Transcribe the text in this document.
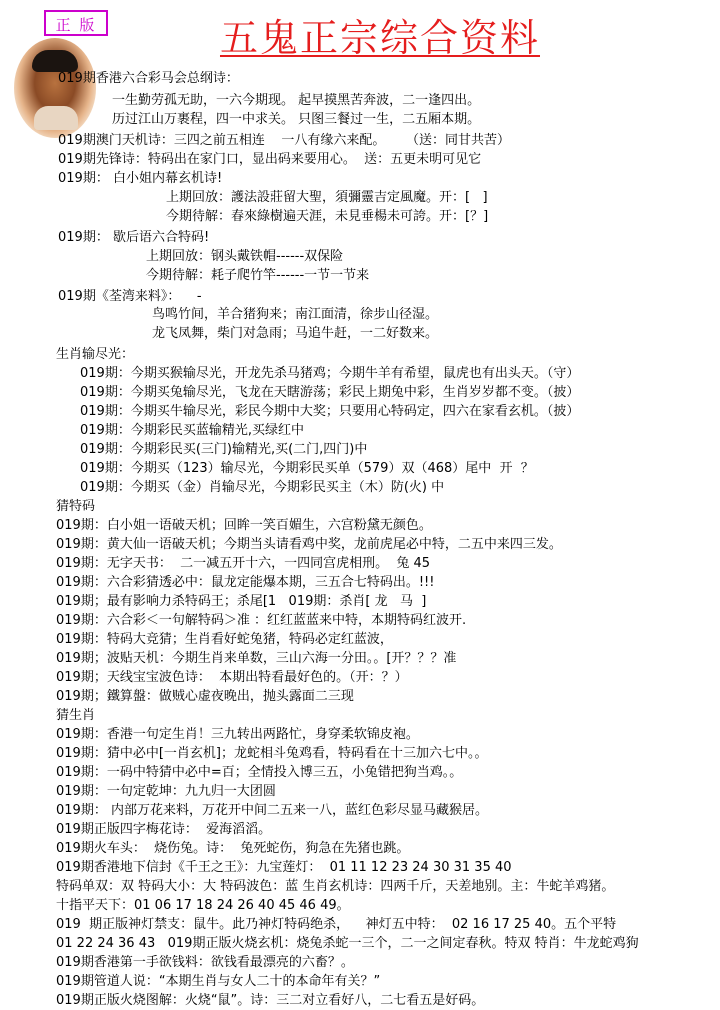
正 版	五鬼正宗综合资料
019期香港六合彩马会总纲诗：
一生勤劳孤无助，一六今期现。 起早摸黑苦奔波，二一逢四出。
历过江山万裹程，四一中求关。 只图三餐过一生，二五厢本期。
019期澳门天机诗：三四之前五相连    一八有缘六来配。     （送：同甘共苦）
019期先锋诗：特码出在家门口，显出码来要用心。  送：五更未明可见它
019期： 白小姐内幕玄机诗!
上期回放：護法設莊留大聖，須彌靈吉定風魔。开：[   ]
今期待解：春來綠樹遍天涯，未見垂楊未可誇。开：[？]
019期： 歇后语六合特码!
上期回放：钢头戴铁帽------双保险
今期待解：耗子爬竹竿------一节一节来
019期《荃湾来料》：    -
鸟鸣竹间，羊合猪狗来；南江面清，徐步山径湿。
龙飞凤舞，柴门对急雨；马追牛赶，一二好数来。
生肖输尽光：
019期：今期买猴输尽光，开龙先杀马猪鸡；今期牛羊有希望，鼠虎也有出头天。（守）
019期：今期买兔输尽光，飞龙在天瞎游荡；彩民上期兔中彩，生肖岁岁都不变。（披）
019期：今期买牛输尽光，彩民今期中大奖；只要用心特码定，四六在家看玄机。（披）
019期：今期彩民买蓝输精光,买绿红中
019期：今期彩民买(三门)输精光,买(二门,四门)中
019期：今期买（123）输尽光，今期彩民买单（579）双（468）尾中  开  ？
019期：今期买（金）肖输尽光，今期彩民买主（木）防(火) 中
猜特码
019期：白小姐一语破天机；回眸一笑百媚生，六宫粉黛无颜色。
019期：黄大仙一语破天机；今期当头请看鸡中奖，龙前虎尾必中特，二五中来四三发。
019期：无字天书：  二一减五开十六，一四同宫虎相刑。  兔 45
019期：六合彩猜透必中：鼠龙定能爆本期，三五合七特码出。!!!
019期；最有影响力杀特码王；杀尾[1   019期：杀肖[ 龙   马  ]
019期：六合彩＜一句解特码＞准 ：红红蓝蓝来中特，本期特码红波开.
019期：特码大竞猜；生肖看好蛇兔猪，特码必定红蓝波，
019期；波贴天机：今期生肖来单数，三山六海一分田。。[开？？？准
019期；天线宝宝波色诗：  本期出特看最好色的。（开：？）
019期；鐵算盤：做贼心虚夜晚出，抛头露面二三现
猜生肖
019期：香港一句定生肖！三九转出两路忙，身穿柔软锦皮袍。
019期：猜中必中[一肖玄机]；龙蛇相斗兔鸡看，特码看在十三加六七中。。
019期：一码中特猜中必中=百；全情投入博三五，小兔错把狗当鸡。。
019期：一句定乾坤：九九归一大团圆
019期： 内部万花来料，万花开中间二五来一八，蓝红色彩尽显马藏猴居。
019期正版四字梅花诗：  爱海滔滔。
019期火车头：  烧伤兔。诗：  兔死蛇伤，狗急在先猪也跳。
019期香港地下信封《千王之王》：九宝莲灯：  01 11 12 23 24 30 31 35 40
特码单双：双 特码大小：大 特码波色：蓝 生肖玄机诗：四两千斤，天差地别。主：牛蛇羊鸡猪。
十指平天下：01 06 17 18 24 26 40 45 46 49。
019  期正版神灯禁支：鼠牛。此乃神灯特码绝杀，    神灯五中特：  02 16 17 25 40。五个平特
01 22 24 36 43   019期正版火烧玄机：烧兔杀蛇一三个，二一之间定春秋。特双 特肖：牛龙蛇鸡狗
019期香港第一手欲钱料：欲钱看最漂亮的六畜？。
019期管道人说：“本期生肖与女人二十的本命年有关？”
019期正版火烧图解：火烧“鼠”。诗：三二对立看好八，二七看五是好码。
